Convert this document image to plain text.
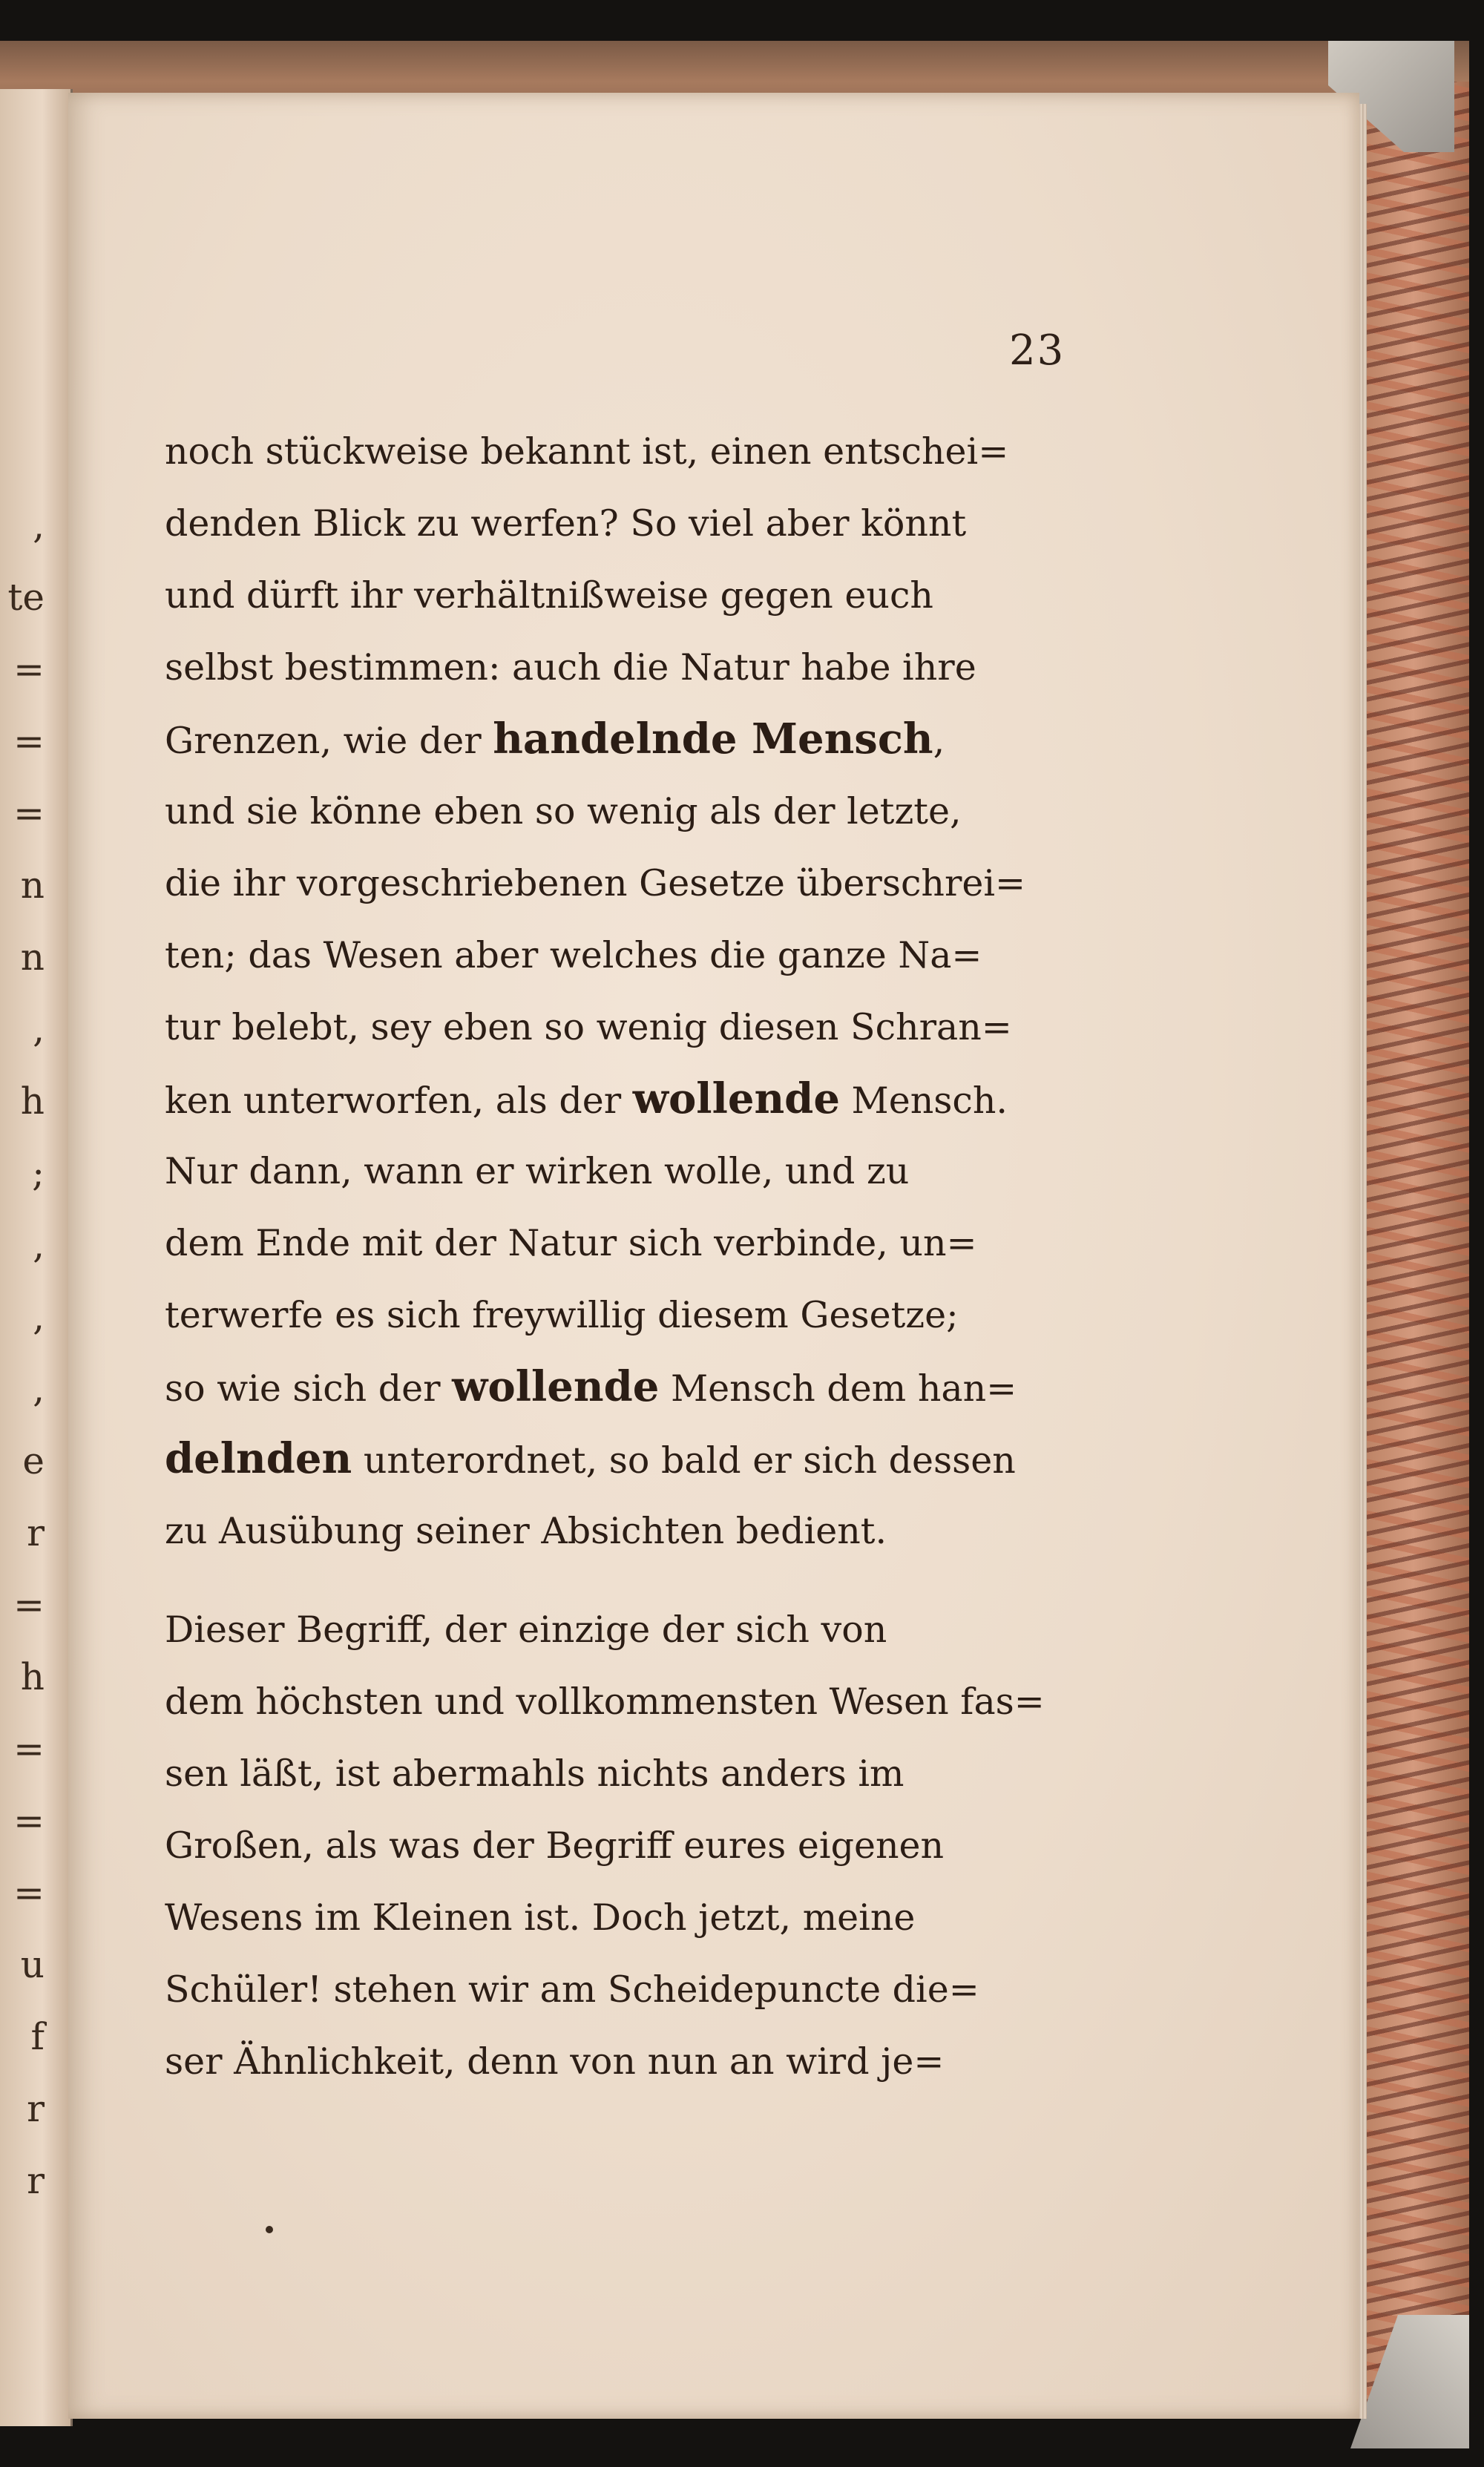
,
te
=
=
=
n
n
,
h
;
,
,
,
e
r
=
h
=
=
=
u
f
r
r
23
noch stückweise bekannt ist, einen entschei=
denden Blick zu werfen? So viel aber könnt
und dürft ihr verhältnißweise gegen euch
selbst bestimmen: auch die Natur habe ihre
Grenzen, wie der handelnde Mensch,
und sie könne eben so wenig als der letzte,
die ihr vorgeschriebenen Gesetze überschrei=
ten; das Wesen aber welches die ganze Na=
tur belebt, sey eben so wenig diesen Schran=
ken unterworfen, als der wollende Mensch.
Nur dann, wann er wirken wolle, und zu
dem Ende mit der Natur sich verbinde, un=
terwerfe es sich freywillig diesem Gesetze;
so wie sich der wollende Mensch dem han=
delnden unterordnet, so bald er sich dessen
zu Ausübung seiner Absichten bedient.
Dieser Begriff, der einzige der sich von
dem höchsten und vollkommensten Wesen fas=
sen läßt, ist abermahls nichts anders im
Großen, als was der Begriff eures eigenen
Wesens im Kleinen ist. Doch jetzt, meine
Schüler! stehen wir am Scheidepuncte die=
ser Ähnlichkeit, denn von nun an wird je=
